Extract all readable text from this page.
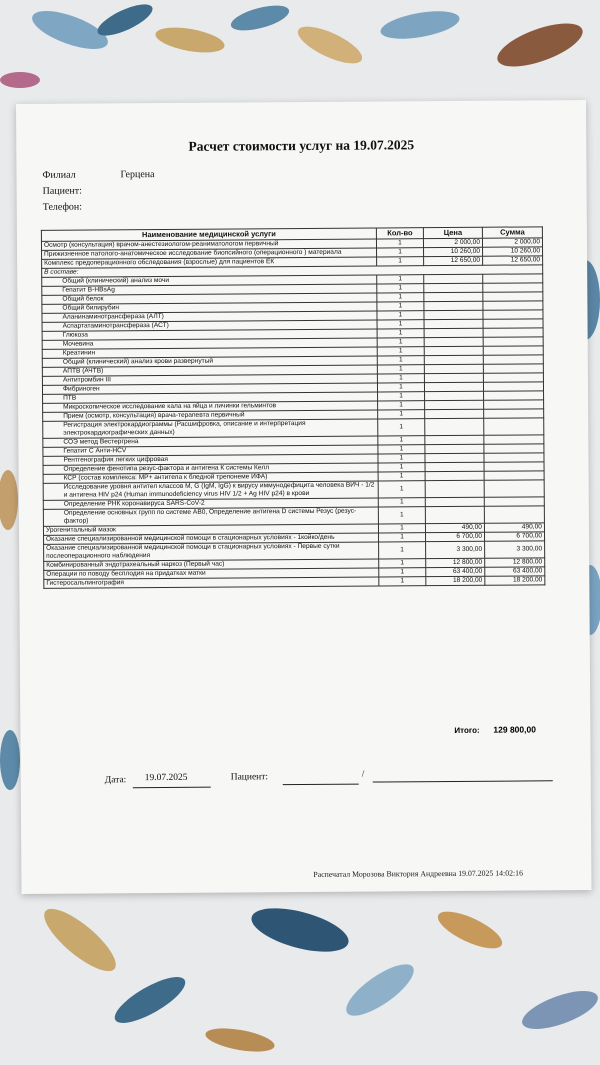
Расчет стоимости услуг на 19.07.2025
Филиал	Герцена
Пациент:
Телефон:
Наименование медицинской услуги	Кол-во	Цена	Сумма
Осмотр (консультация) врачом-анестезиологом-реаниматологом первичный	1	2 000,00	2 000,00
Прижизненное патолого-анатомическое исследование биопсийного (операционного ) материала	1	10 260,00	10 260,00
Комплекс предоперационного обследования (взрослые) для пациентов ЕК	1	12 650,00	12 650,00
В составе:			
Общий (клинический) анализ мочи	1		
Гепатит B-HBsAg	1		
Общий белок	1		
Общий билирубин	1		
Аланинаминотрансфераза (АЛТ)	1		
Аспартатаминотрансфераза (АСТ)	1		
Глюкоза	1		
Мочевина	1		
Креатинин	1		
Общий (клинический) анализ крови развернутый	1		
АПТВ (АЧТВ)	1		
Антитромбин III	1		
Фибриноген	1		
ПТВ	1		
Микроскопическое исследование кала на яйца и личинки гельминтов	1		
Прием (осмотр, консультация) врача-терапевта первичный	1		
Регистрация электрокардиограммы (Расшифровка, описание и интерпретация электрокардиографических данных)	1		
СОЭ метод Вестергрена	1		
Гепатит С Анти-HCV	1		
Рентгенография легких цифровая	1		
Определение фенотипа резус-фактора и антигена К системы Келл	1		
КСР (состав комплекса: МР+ антитела к бледной трепонеме ИФА)	1		
Исследование уровня антител классов M, G (IgM, IgG) к вирусу иммунодефицита человека ВИЧ - 1/2 и антигена HIV p24 (Human immunodeficiency virus HIV 1/2 + Ag HIV p24) в крови	1		
Определение РНК коронавируса SARS-CoV-2	1		
Определение основных групп по системе AB0, Определение антигена D системы Резус (резус-фактор)	1		
Урогенитальный мазок	1	490,00	490,00
Оказание специализированной медицинской помощи в стационарных условиях - 1койко/день	1	6 700,00	6 700,00
Оказание специализированной медицинской помощи в стационарных условиях - Первые сутки послеоперационного наблюдения	1	3 300,00	3 300,00
Комбинированный эндотрахеальный наркоз (Первый час)	1	12 800,00	12 800,00
Операции по поводу бесплодия на придатках матки	1	63 400,00	63 400,00
Гистеросальпингография	1	18 200,00	18 200,00
Итого: 129 800,00
Дата: 19.07.2025	Пациент:	/
Распечатал Морозова Виктория Андреевна 19.07.2025 14:02:16
